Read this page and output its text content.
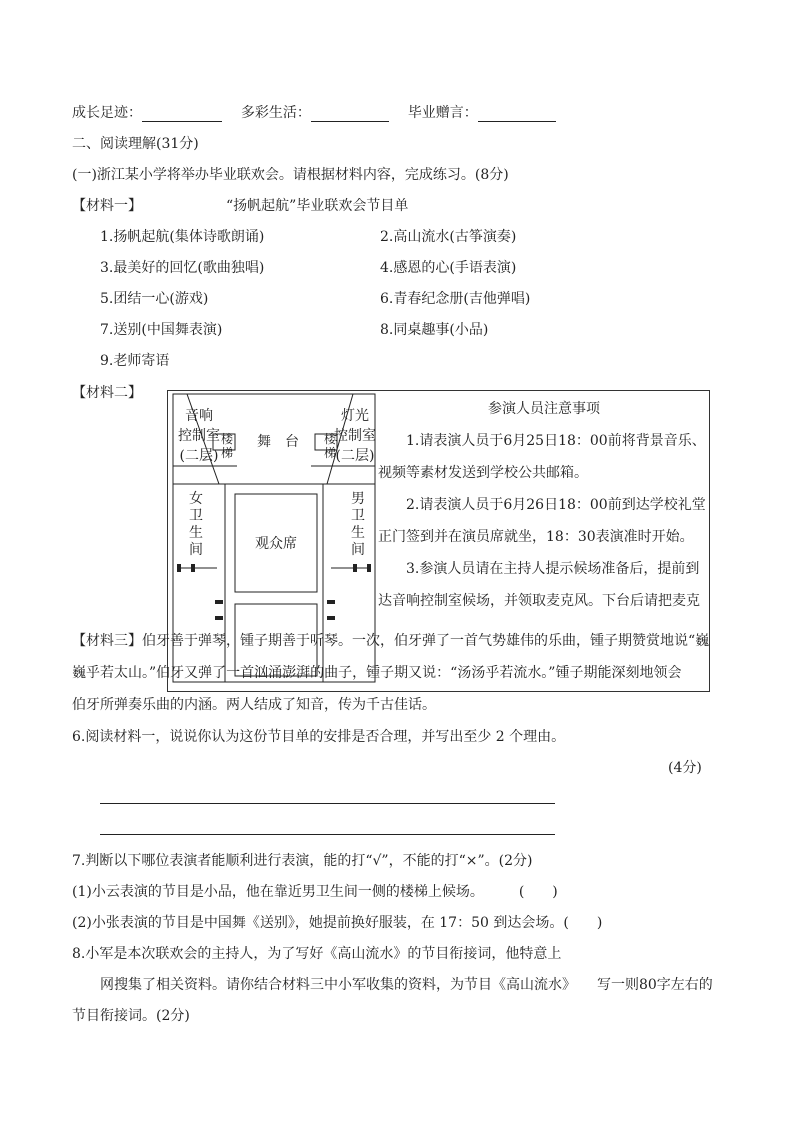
成长足迹：	多彩生活：	毕业赠言：
二、阅读理解(31分)
(一)浙江某小学将举办毕业联欢会。请根据材料内容，完成练习。(8分)
【材料一】	“扬帆起航”毕业联欢会节目单
1.扬帆起航(集体诗歌朗诵)	2.高山流水(古筝演奏)
3.最美好的回忆(歌曲独唱)	4.感恩的心(手语表演)
5.团结一心(游戏)	6.青春纪念册(吉他弹唱)
7.送别(中国舞表演)	8.同桌趣事(小品)
9.老师寄语
【材料二】
音响
控制室
(二层)
舞　台
灯光
控制室
(二层)
楼梯
楼梯
女卫生间
男卫生间
观众席
参演人员注意事项

1.请表演人员于6月25日18：00前将背景音乐、视频等素材发送到学校公共邮箱。

2.请表演人员于6月26日18：00前到达学校礼堂正门签到并在演员席就坐，18：30表演准时开始。

3.参演人员请在主持人提示候场准备后，提前到达音响控制室候场，并领取麦克风。下台后请把麦克

【材料三】伯牙善于弹琴，锺子期善于听琴。一次，伯牙弹了一首气势雄伟的乐曲，锺子期赞赏地说“巍
巍乎若太山。”伯牙又弹了一首汹涌澎湃的曲子，锺子期又说：“汤汤乎若流水。”锺子期能深刻地领会
伯牙所弹奏乐曲的内涵。两人结成了知音，传为千古佳话。
6.阅读材料一，说说你认为这份节目单的安排是否合理，并写出至少 2 个理由。
(4分)
7.判断以下哪位表演者能顺利进行表演，能的打“√”，不能的打“×”。(2分)
(1)小云表演的节目是小品，他在靠近男卫生间一侧的楼梯上候场。　　　(　　)
(2)小张表演的节目是中国舞《送别》，她提前换好服装，在 17：50 到达会场。(　　)
8.小军是本次联欢会的主持人，为了写好《高山流水》的节目衔接词，他特意上
网搜集了相关资料。请你结合材料三中小军收集的资料，为节目《高山流水》　　写一则80字左右的
节目衔接词。(2分)
